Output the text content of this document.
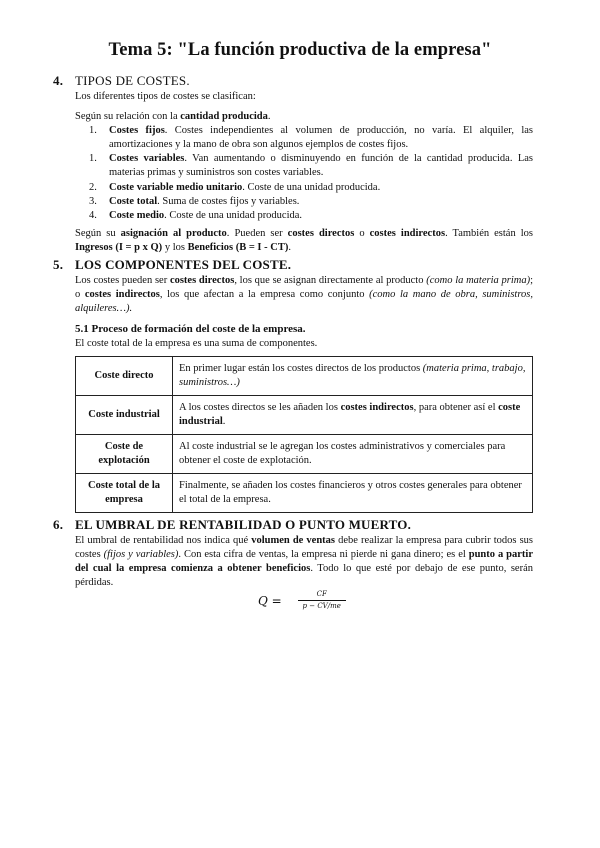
Tema 5: "La función productiva de la empresa"
4. TIPOS DE COSTES.

Los diferentes tipos de costes se clasifican:

Según su relación con la cantidad producida.

1. Costes fijos. Costes independientes al volumen de producción, no varía. El alquiler, las amortizaciones y la mano de obra son algunos ejemplos de costes fijos.
1. Costes variables. Van aumentando o disminuyendo en función de la cantidad producida. Las materias primas y suministros son costes variables.
2. Coste variable medio unitario. Coste de una unidad producida.
3. Coste total. Suma de costes fijos y variables.
4. Coste medio. Coste de una unidad producida.

Según su asignación al producto. Pueden ser costes directos o costes indirectos. También están los Ingresos (I = p x Q) y los Beneficios (B = I - CT).

5. LOS COMPONENTES DEL COSTE.

Los costes pueden ser costes directos, los que se asignan directamente al producto (como la materia prima); o costes indirectos, los que afectan a la empresa como conjunto (como la mano de obra, suministros, alquileres…).

5.1 Proceso de formación del coste de la empresa.

El coste total de la empresa es una suma de componentes.

Coste directo	En primer lugar están los costes directos de los productos (materia prima, trabajo, suministros…)
Coste industrial	A los costes directos se les añaden los costes indirectos, para obtener así el coste industrial.
Coste de explotación	Al coste industrial se le agregan los costes administrativos y comerciales para obtener el coste de explotación.
Coste total de la empresa	Finalmente, se añaden los costes financieros y otros costes generales para obtener el total de la empresa.
6. EL UMBRAL DE RENTABILIDAD O PUNTO MUERTO.

El umbral de rentabilidad nos indica qué volumen de ventas debe realizar la empresa para cubrir todos sus costes (fijos y variables). Con esta cifra de ventas, la empresa ni pierde ni gana dinero; es el punto a partir del cual la empresa comienza a obtener beneficios. Todo lo que esté por debajo de ese punto, serán pérdidas.

$Q = \frac{CF}{p - CV/me}$
